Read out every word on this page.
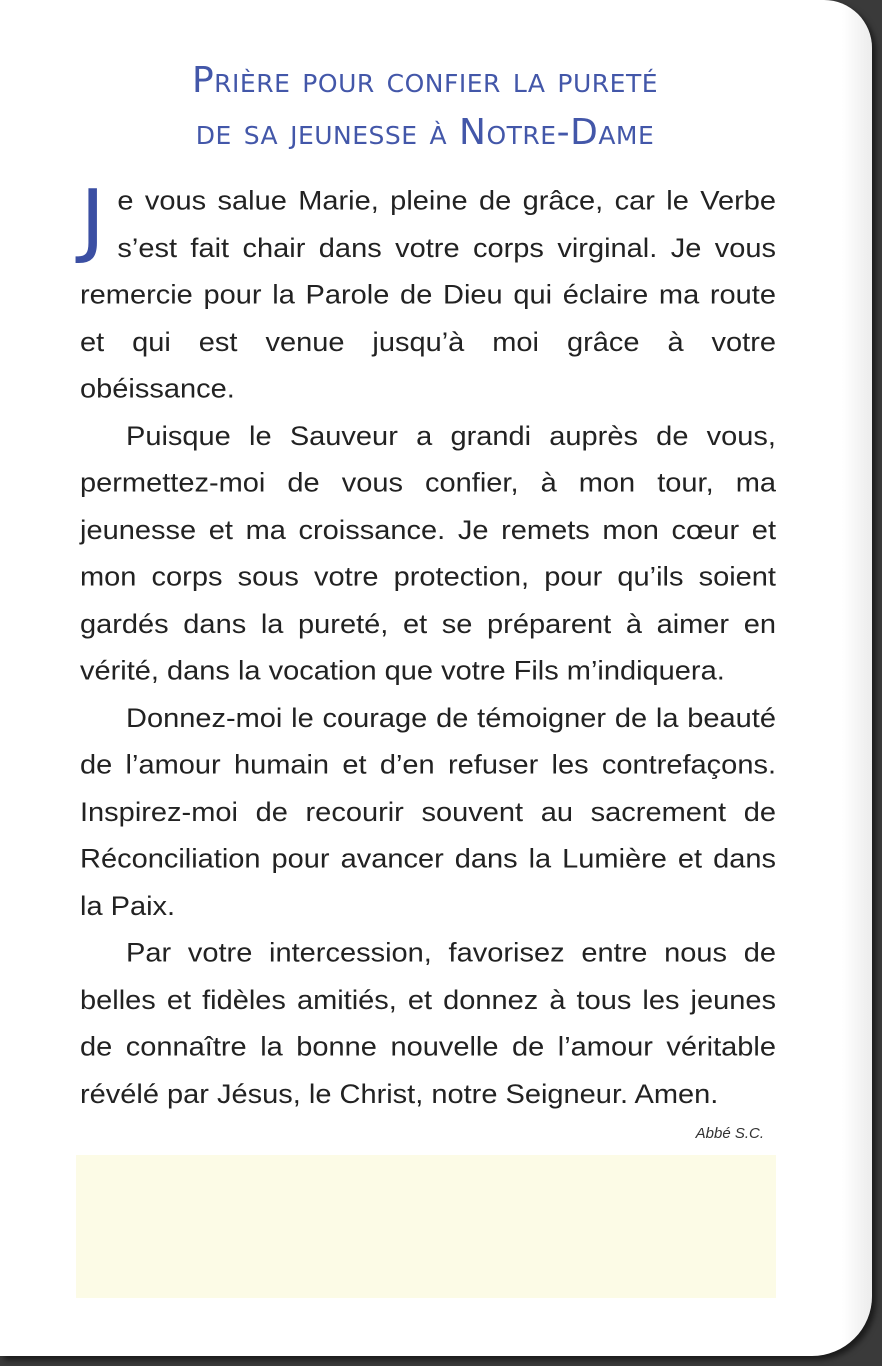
Prière pour confier la pureté
de sa jeunesse à Notre-Dame

Je vous salue Marie, pleine de grâce, car le Verbe s’est fait chair dans votre corps virginal. Je vous remercie pour la Parole de Dieu qui éclaire ma route et qui est venue jusqu’à moi grâce à votre obéissance.

Puisque le Sauveur a grandi auprès de vous, permettez-moi de vous confier, à mon tour, ma jeunesse et ma croissance. Je remets mon cœur et mon corps sous votre protection, pour qu’ils soient gardés dans la pureté, et se préparent à aimer en vérité, dans la vocation que votre Fils m’indiquera.

Donnez-moi le courage de témoigner de la beauté de l’amour humain et d’en refuser les contrefaçons. Inspirez-moi de recourir souvent au sacrement de Réconciliation pour avancer dans la Lumière et dans la Paix.

Par votre intercession, favorisez entre nous de belles et fidèles amitiés, et donnez à tous les jeunes de connaître la bonne nouvelle de l’amour véritable révélé par Jésus, le Christ, notre Seigneur. Amen.

Abbé S.C.
